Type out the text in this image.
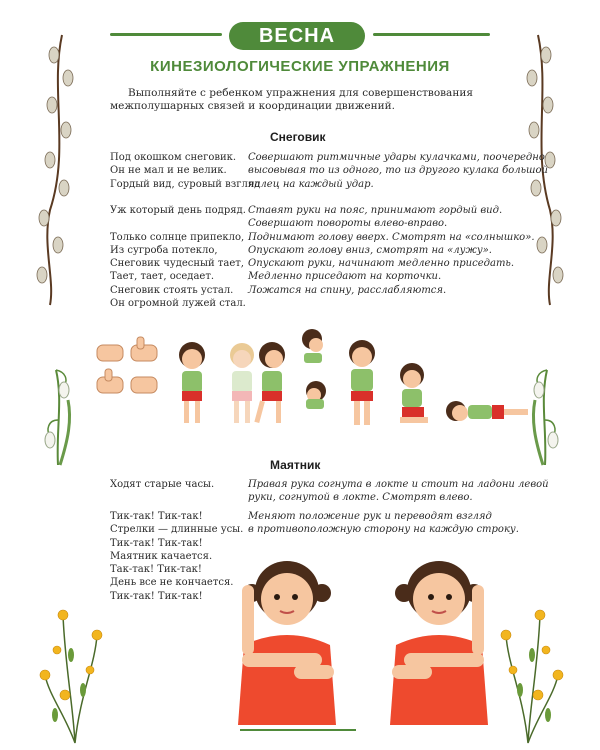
ВЕСНА
КИНЕЗИОЛОГИЧЕСКИЕ УПРАЖНЕНИЯ
Выполняйте с ребенком упражнения для совершенствования межполушарных связей и координации движений.
Снеговик
Под окошком снеговик.
Он не мал и не велик.
Гордый вид, суровый взгляд
Совершают ритмичные удары кулачками, поочередно
высовывая то из одного, то из другого кулака большой
палец на каждый удар.
Уж который день подряд.
Только солнце припекло,
Из сугроба потекло,
Снеговик чудесный тает,
Тает, тает, оседает.
Снеговик стоять устал.
Он огромной лужей стал.
Ставят руки на пояс, принимают гордый вид.
Совершают повороты влево-вправо.
Поднимают голову вверх. Смотрят на «солнышко».
Опускают голову вниз, смотрят на «лужу».
Опускают руки, начинают медленно приседать.
Медленно приседают на корточки.
Ложатся на спину, расслабляются.
Маятник
Ходят старые часы.	Правая рука согнута в локте и стоит на ладони левой
руки, согнутой в локте. Смотрят влево.
Тик-так! Тик-так!
Стрелки — длинные усы.
Тик-так! Тик-так!
Маятник качается.
Так-так! Тик-так!
День все не кончается.
Тик-так! Тик-так!
Меняют положение рук и переводят взгляд
в противоположную сторону на каждую строку.
